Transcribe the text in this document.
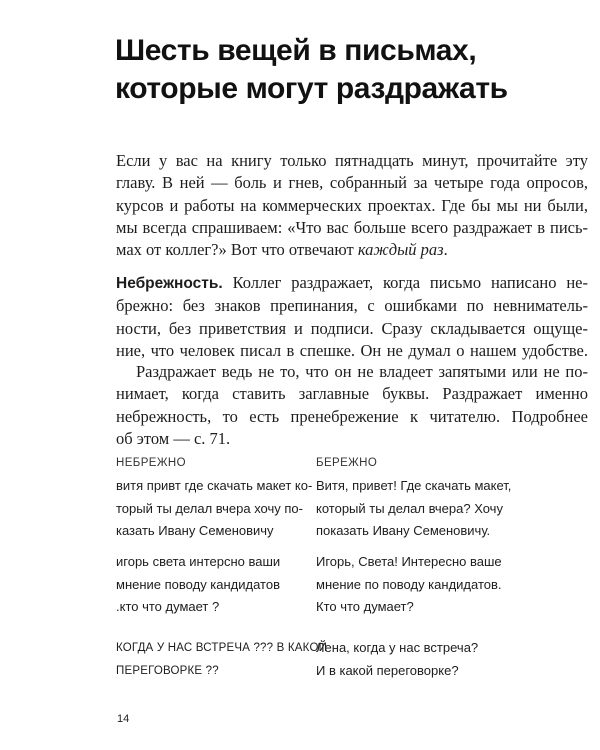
Шесть вещей в письмах,
которые могут раздражать
Если у вас на книгу только пятнадцать минут, прочитайте эту
главу. В ней — боль и гнев, собранный за четыре года опросов,
курсов и работы на коммерческих проектах. Где бы мы ни были,
мы всегда спрашиваем: «Что вас больше всего раздражает в пись-
мах от коллег?» Вот что отвечают каждый раз.
Небрежность. Коллег раздражает, когда письмо написано не-
брежно: без знаков препинания, с ошибками по невниматель-
ности, без приветствия и подписи. Сразу складывается ощуще-
ние, что человек писал в спешке. Он не думал о нашем удобстве.
Раздражает ведь не то, что он не владеет запятыми или не по-
нимает, когда ставить заглавные буквы. Раздражает именно
небрежность, то есть пренебрежение к читателю. Подробнее
об этом — с. 71.
НЕБРЕЖНО	БЕРЕЖНО
витя привт где скачать макет ко-
торый ты делал вчера хочу по-
казать Ивану Семеновичу
Витя, привет! Где скачать макет,
который ты делал вчера? Хочу
показать Ивану Семеновичу.
игорь света интерсно ваши
мнение поводу кандидатов
.кто что думает ?
Игорь, Света! Интересно ваше
мнение по поводу кандидатов.
Кто что думает?
КОГДА У НАС ВСТРЕЧА ??? В КАКОЙ
ПЕРЕГОВОРКЕ ??
Лена, когда у нас встреча?
И в какой переговорке?
14
